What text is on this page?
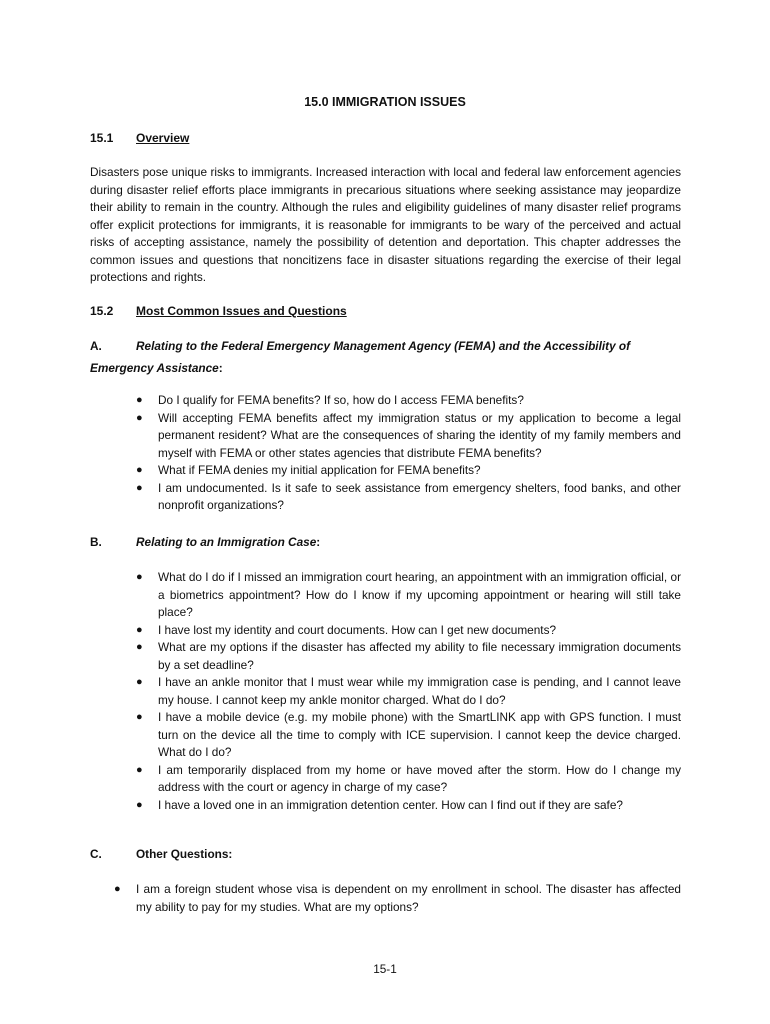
15.0 IMMIGRATION ISSUES
15.1 Overview

Disasters pose unique risks to immigrants. Increased interaction with local and federal law enforcement agencies during disaster relief efforts place immigrants in precarious situations where seeking assistance may jeopardize their ability to remain in the country. Although the rules and eligibility guidelines of many disaster relief programs offer explicit protections for immigrants, it is reasonable for immigrants to be wary of the perceived and actual risks of accepting assistance, namely the possibility of detention and deportation. This chapter addresses the common issues and questions that noncitizens face in disaster situations regarding the exercise of their legal protections and rights.

15.2 Most Common Issues and Questions

A.	Relating to the Federal Emergency Management Agency (FEMA) and the Accessibility of Emergency Assistance:

● Do I qualify for FEMA benefits? If so, how do I access FEMA benefits?
● Will accepting FEMA benefits affect my immigration status or my application to become a legal permanent resident? What are the consequences of sharing the identity of my family members and myself with FEMA or other states agencies that distribute FEMA benefits?
● What if FEMA denies my initial application for FEMA benefits?
● I am undocumented. Is it safe to seek assistance from emergency shelters, food banks, and other nonprofit organizations?

B.	Relating to an Immigration Case:

● What do I do if I missed an immigration court hearing, an appointment with an immigration official, or a biometrics appointment? How do I know if my upcoming appointment or hearing will still take place?
● I have lost my identity and court documents. How can I get new documents?
● What are my options if the disaster has affected my ability to file necessary immigration documents by a set deadline?
● I have an ankle monitor that I must wear while my immigration case is pending, and I cannot leave my house. I cannot keep my ankle monitor charged. What do I do?
● I have a mobile device (e.g. my mobile phone) with the SmartLINK app with GPS function. I must turn on the device all the time to comply with ICE supervision. I cannot keep the device charged. What do I do?
● I am temporarily displaced from my home or have moved after the storm. How do I change my address with the court or agency in charge of my case?
● I have a loved one in an immigration detention center. How can I find out if they are safe?

C.	Other Questions:

● I am a foreign student whose visa is dependent on my enrollment in school. The disaster has affected my ability to pay for my studies. What are my options?
15-1
